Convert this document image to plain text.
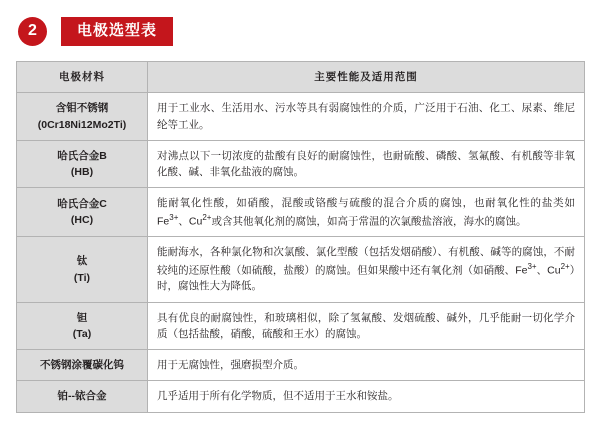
2	电极选型表
电极材料	主要性能及适用范围

含钼不锈钢
(0Cr18Ni12Mo2Ti)	用于工业水、生活用水、污水等具有弱腐蚀性的介质，广泛用于石油、化工、尿素、维尼纶等工业。

哈氏合金B
(HB)	对沸点以下一切浓度的盐酸有良好的耐腐蚀性，也耐硫酸、磷酸、氢氟酸、有机酸等非氧化酸、碱、非氧化盐液的腐蚀。

哈氏合金C
(HC)	能耐氧化性酸，如硝酸，混酸或铬酸与硫酸的混合介质的腐蚀，也耐氧化性的盐类如$Fe^{3+}$、$Cu^{2+}$或含其他氧化剂的腐蚀，如高于常温的次氯酸盐溶液，海水的腐蚀。

钛
(Ti)	能耐海水，各种氯化物和次氯酸、氯化型酸（包括发烟硝酸）、有机酸、碱等的腐蚀，不耐较纯的还原性酸（如硫酸，盐酸）的腐蚀。但如果酸中还有氧化剂（如硝酸、$Fe^{3+}$、$Cu^{2+}$）时，腐蚀性大为降低。

钽
(Ta)	具有优良的耐腐蚀性，和玻璃相似，除了氢氟酸、发烟硫酸、碱外，几乎能耐一切化学介质（包括盐酸，硝酸，硫酸和王水）的腐蚀。

不锈钢涂覆碳化钨	用于无腐蚀性，强磨损型介质。

铂--铱合金	几乎适用于所有化学物质，但不适用于王水和铵盐。
